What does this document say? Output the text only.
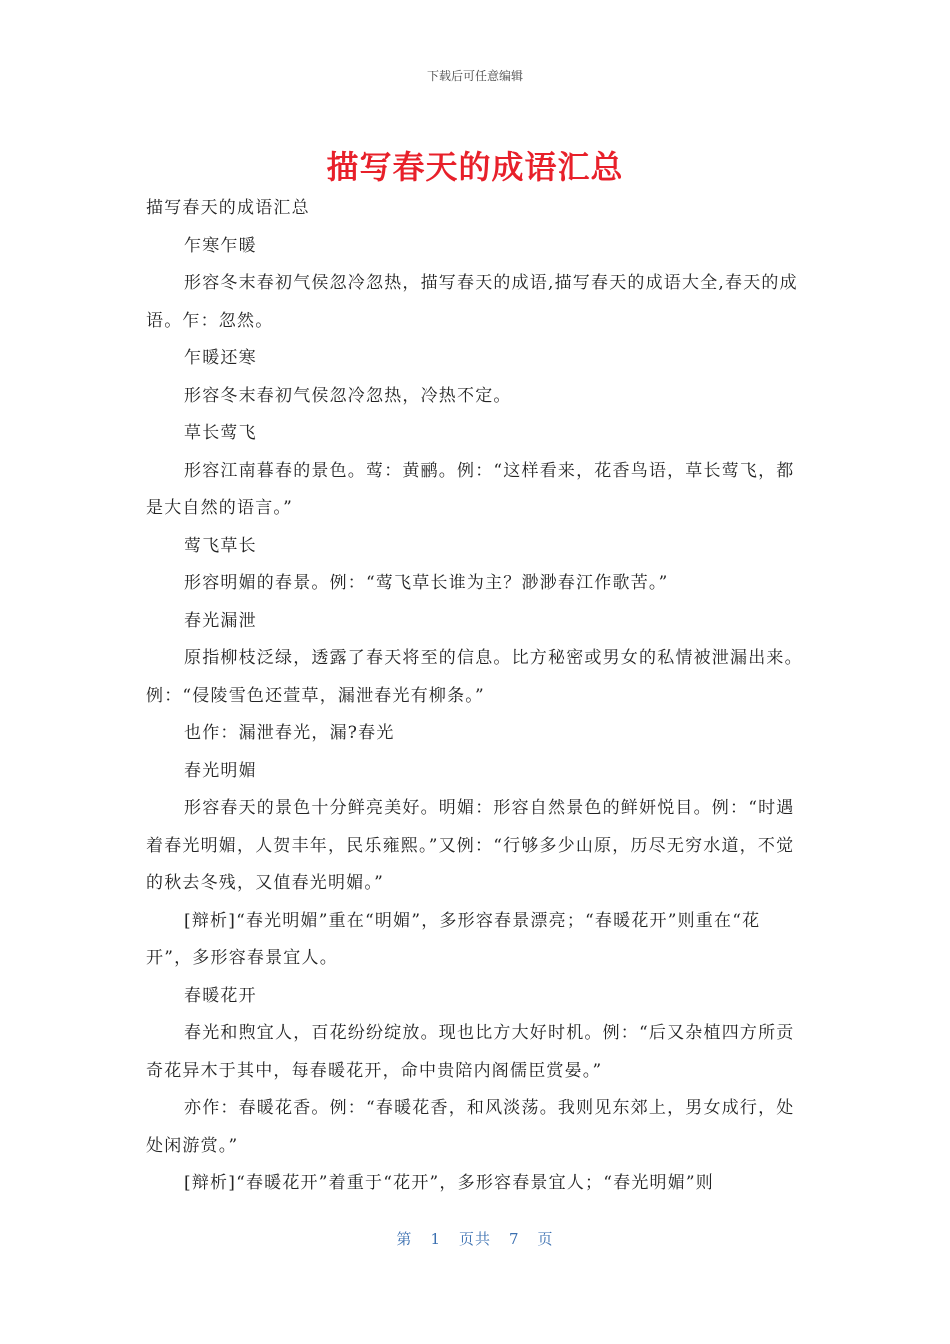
下载后可任意编辑
描写春天的成语汇总

描写春天的成语汇总

乍寒乍暖

形容冬末春初气侯忽冷忽热，描写春天的成语,描写春天的成语大全,春天的成语。乍：忽然。

乍暖还寒

形容冬末春初气侯忽冷忽热，冷热不定。

草长莺飞

形容江南暮春的景色。莺：黄鹂。例：“这样看来，花香鸟语，草长莺飞，都是大自然的语言。”

莺飞草长

形容明媚的春景。例：“莺飞草长谁为主？渺渺春江作歌苦。”

春光漏泄

原指柳枝泛绿，透露了春天将至的信息。比方秘密或男女的私情被泄漏出来。例：“侵陵雪色还萱草，漏泄春光有柳条。”

也作：漏泄春光，漏?春光

春光明媚

形容春天的景色十分鲜亮美好。明媚：形容自然景色的鲜妍悦目。例：“时遇着春光明媚，人贺丰年，民乐雍熙。”又例：“行够多少山原，历尽无穷水道，不觉的秋去冬残，又值春光明媚。”

[辩析]“春光明媚”重在“明媚”，多形容春景漂亮；“春暖花开”则重在“花开”，多形容春景宜人。

春暖花开

春光和煦宜人，百花纷纷绽放。现也比方大好时机。例：“后又杂植四方所贡奇花异木于其中，每春暖花开，命中贵陪内阁儒臣赏晏。”

亦作：春暖花香。例：“春暖花香，和风淡荡。我则见东郊上，男女成行，处处闲游赏。”

[辩析]“春暖花开”着重于“花开”，多形容春景宜人；“春光明媚”则

第 1 页共 7 页
